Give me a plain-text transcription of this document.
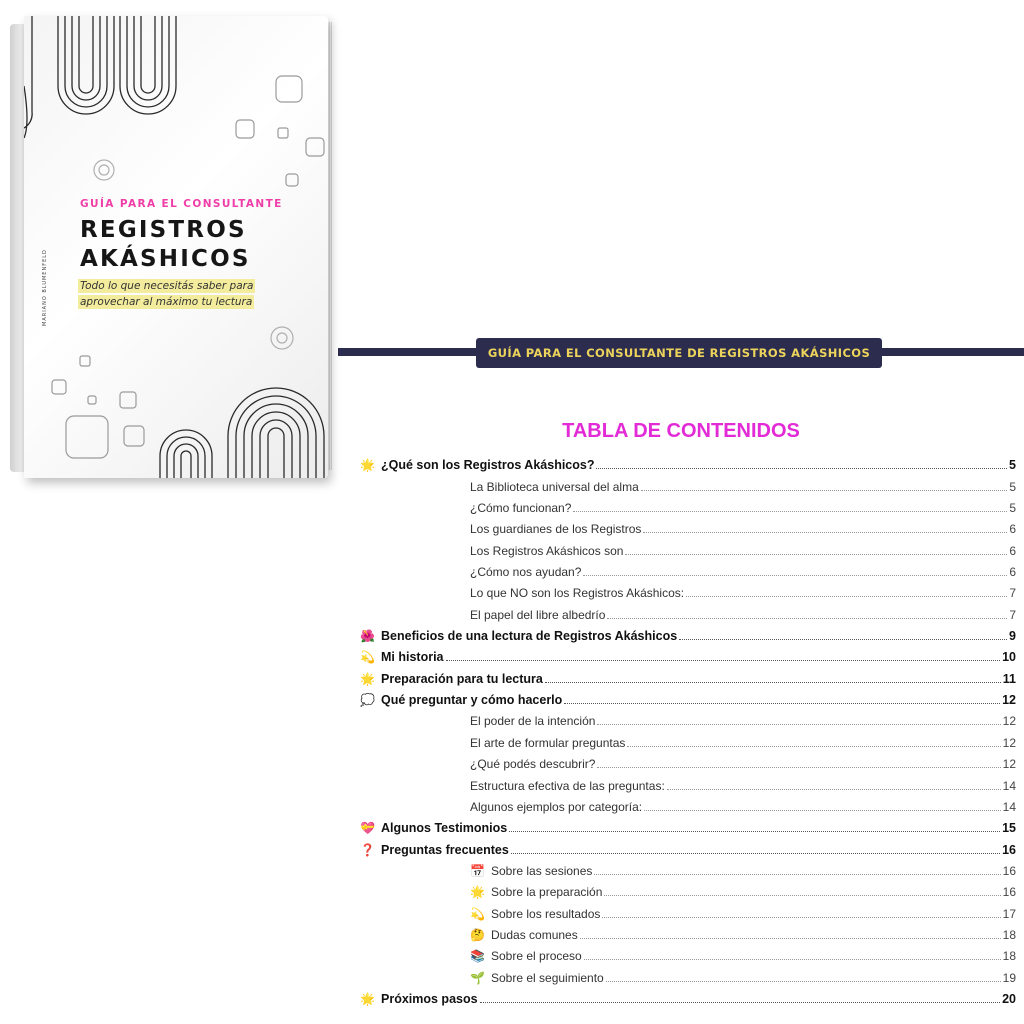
MARIANO BLUMENFELD
GUÍA PARA EL CONSULTANTE
REGISTROS AKÁSHICOS
Todo lo que necesitás saber para aprovechar al máximo tu lectura
GUÍA PARA EL CONSULTANTE DE REGISTROS AKÁSHICOS
TABLA DE CONTENIDOS
🌟 ¿Qué son los Registros Akáshicos?	5
La Biblioteca universal del alma	5
¿Cómo funcionan?	5
Los guardianes de los Registros	6
Los Registros Akáshicos son	6
¿Cómo nos ayudan?	6
Lo que NO son los Registros Akáshicos:	7
El papel del libre albedrío	7
🌺 Beneficios de una lectura de Registros Akáshicos	9
💫 Mi historia	10
🌟 Preparación para tu lectura	11
💭 Qué preguntar y cómo hacerlo	12
El poder de la intención	12
El arte de formular preguntas	12
¿Qué podés descubrir?	12
Estructura efectiva de las preguntas:	14
Algunos ejemplos por categoría:	14
💝 Algunos Testimonios	15
❓ Preguntas frecuentes	16
📅 Sobre las sesiones	16
🌟 Sobre la preparación	16
💫 Sobre los resultados	17
🤔 Dudas comunes	18
📚 Sobre el proceso	18
🌱 Sobre el seguimiento	19
🌟 Próximos pasos	20
